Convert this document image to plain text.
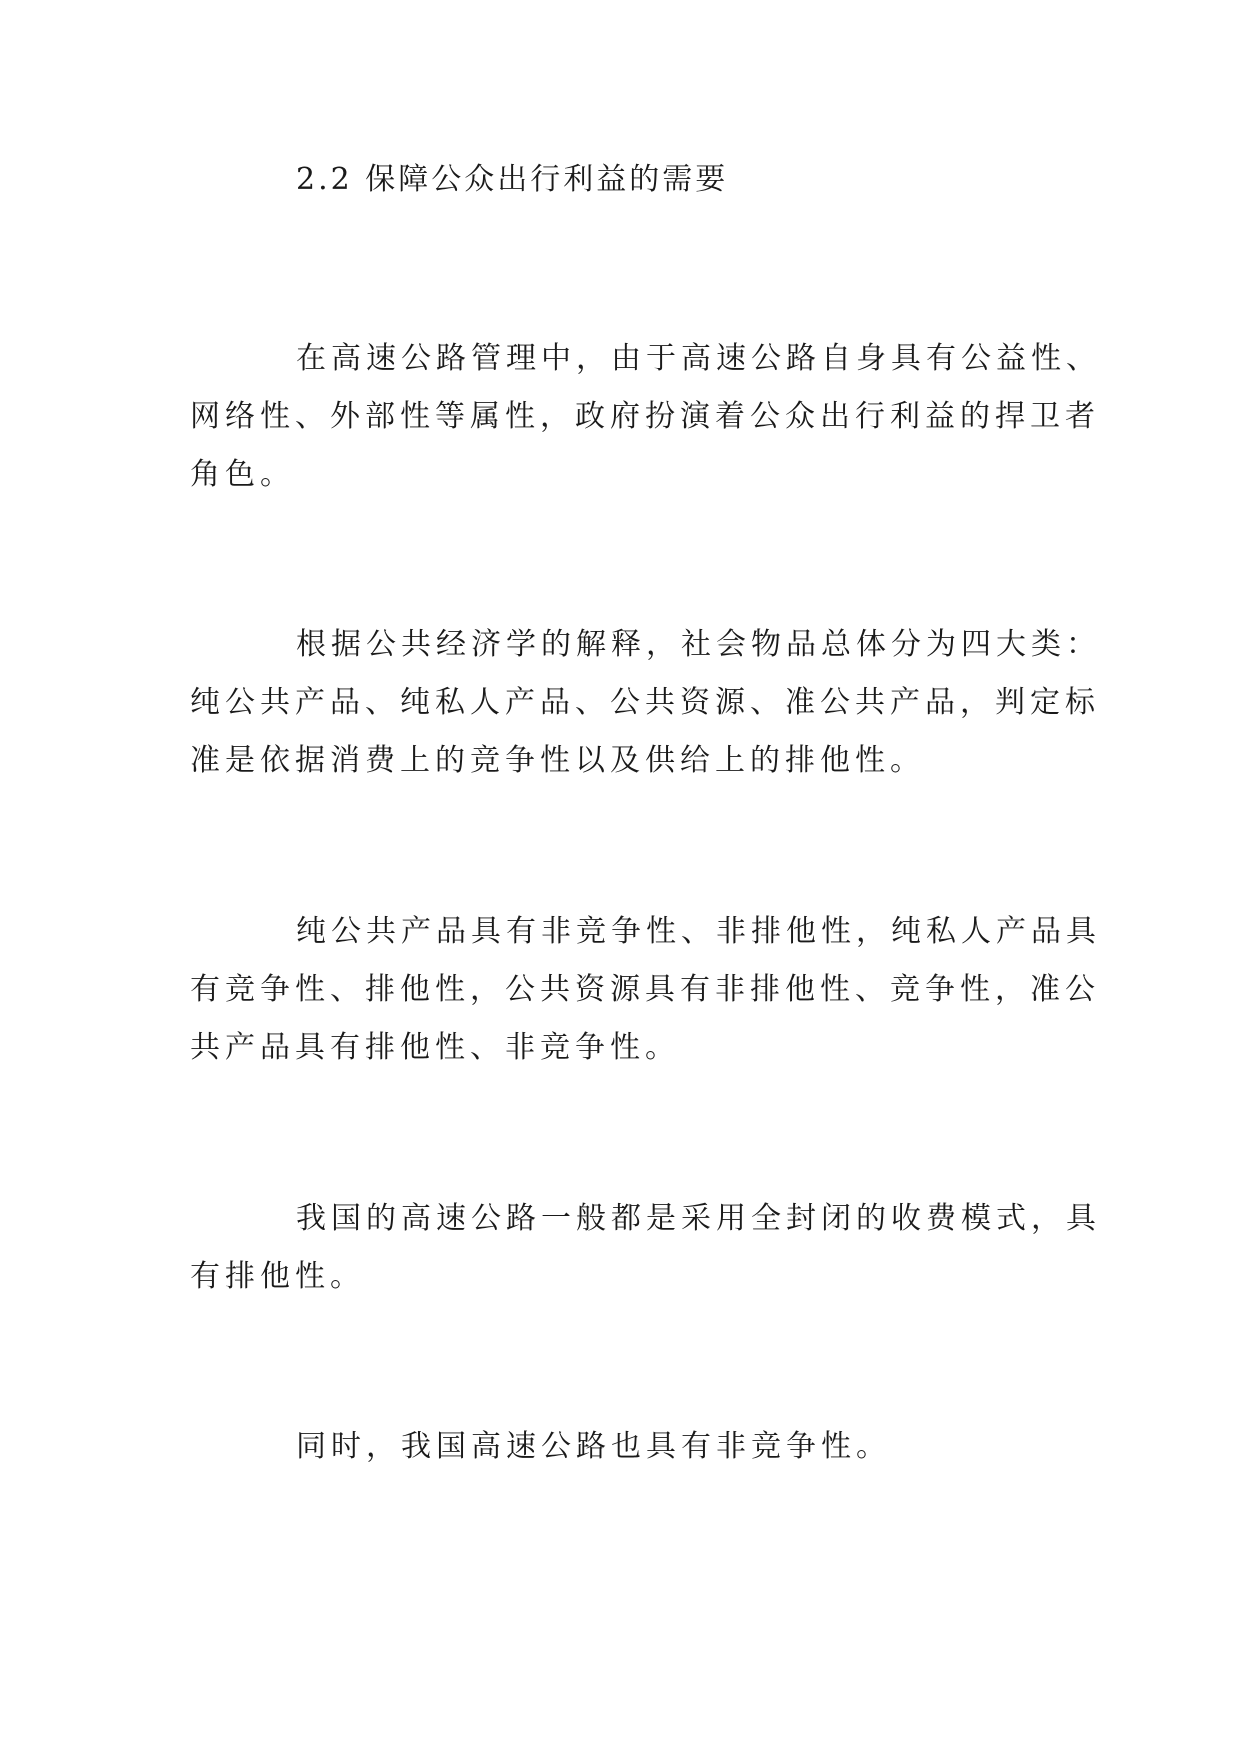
2.2 保障公众出行利益的需要

在高速公路管理中，由于高速公路自身具有公益性、
网络性、外部性等属性，政府扮演着公众出行利益的捍卫者
角色。

根据公共经济学的解释，社会物品总体分为四大类：
纯公共产品、纯私人产品、公共资源、准公共产品，判定标
准是依据消费上的竞争性以及供给上的排他性。

纯公共产品具有非竞争性、非排他性，纯私人产品具
有竞争性、排他性，公共资源具有非排他性、竞争性，准公
共产品具有排他性、非竞争性。

我国的高速公路一般都是采用全封闭的收费模式，具
有排他性。

同时，我国高速公路也具有非竞争性。
